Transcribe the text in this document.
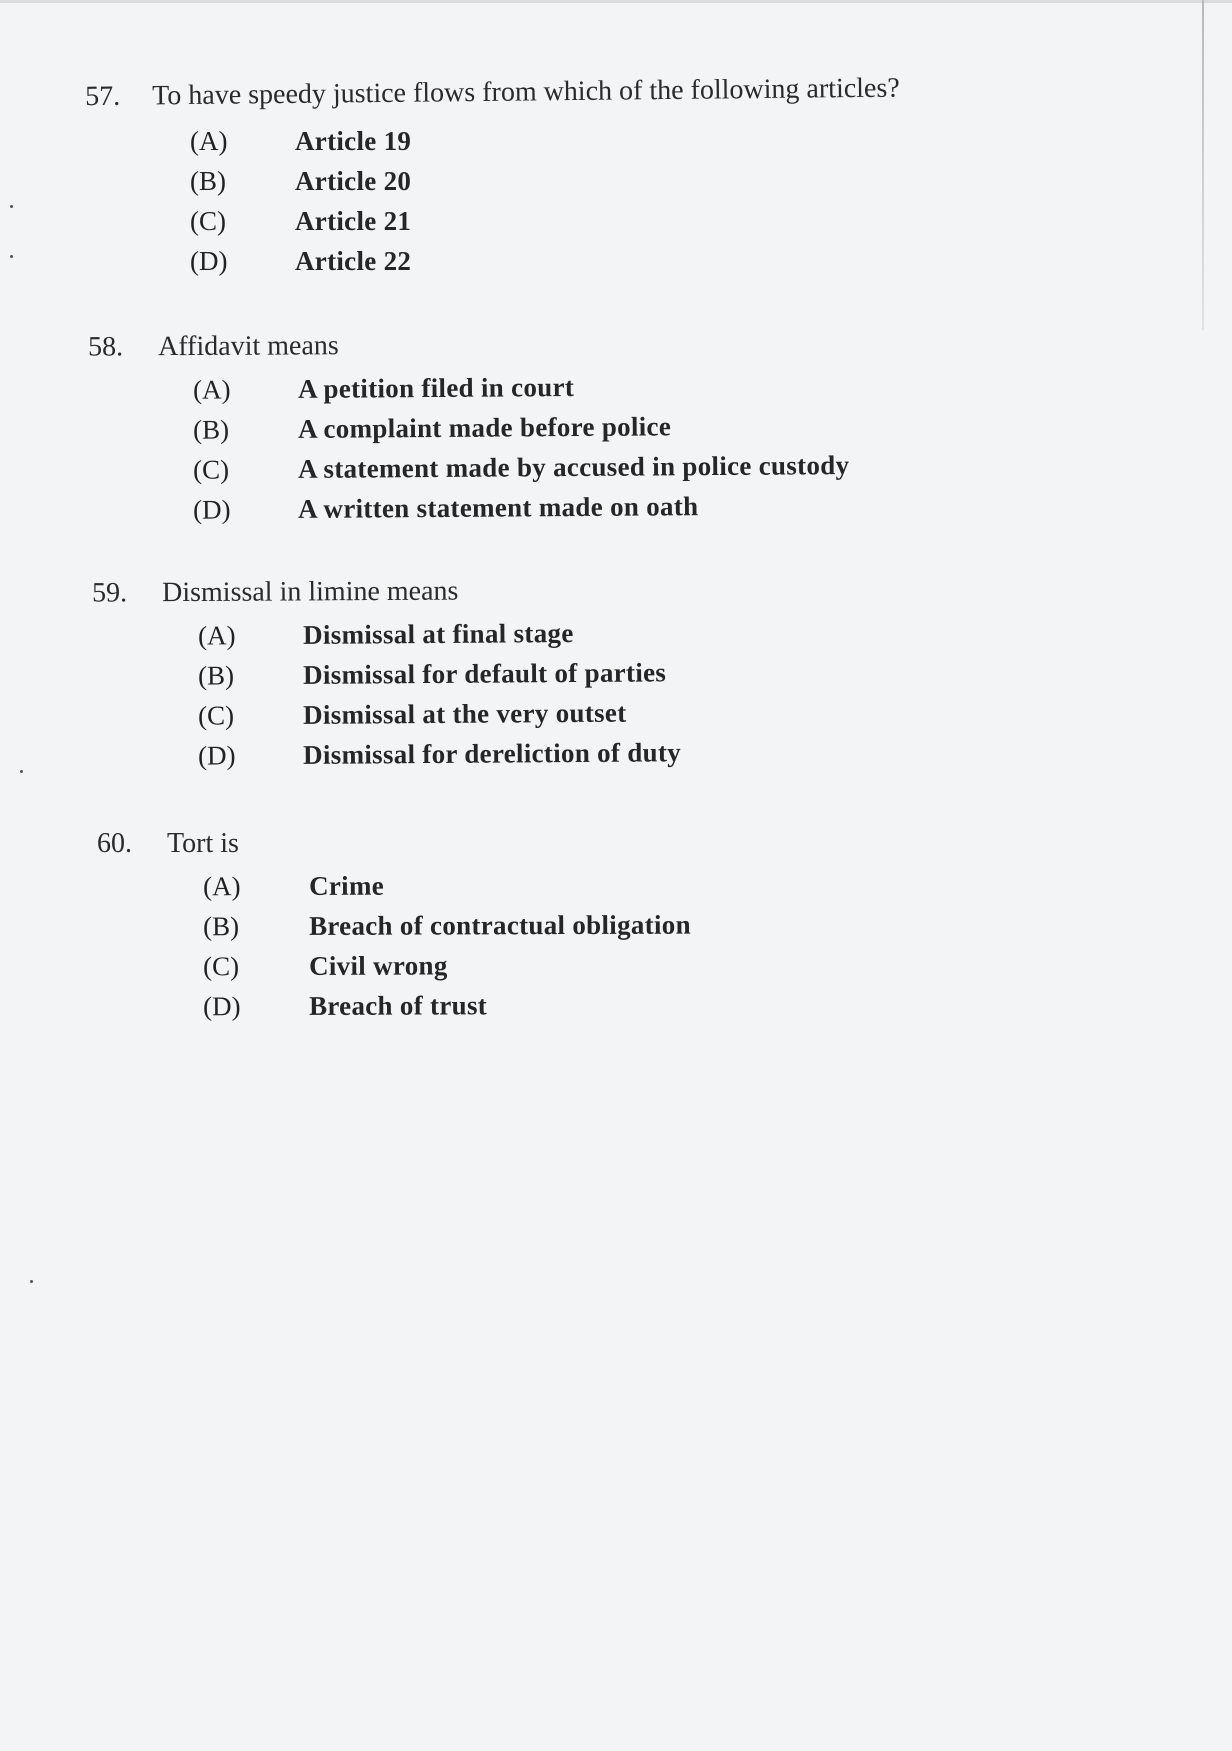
57. To have speedy justice flows from which of the following articles?
(A)	Article 19
(B)	Article 20
(C)	Article 21
(D)	Article 22
58. Affidavit means
(A) A petition filed in court
(B)	A complaint made before police
(C)	A statement made by accused in police custody
(D) A written statement made on oath
59. Dismissal in limine means
(A) Dismissal at final stage
(B)	Dismissal for default of parties
(C)	Dismissal at the very outset
(D) Dismissal for dereliction of duty
60. Tort is
(A)	Crime
(B)	Breach of contractual obligation
(C)	Civil wrong
(D)	Breach of trust
